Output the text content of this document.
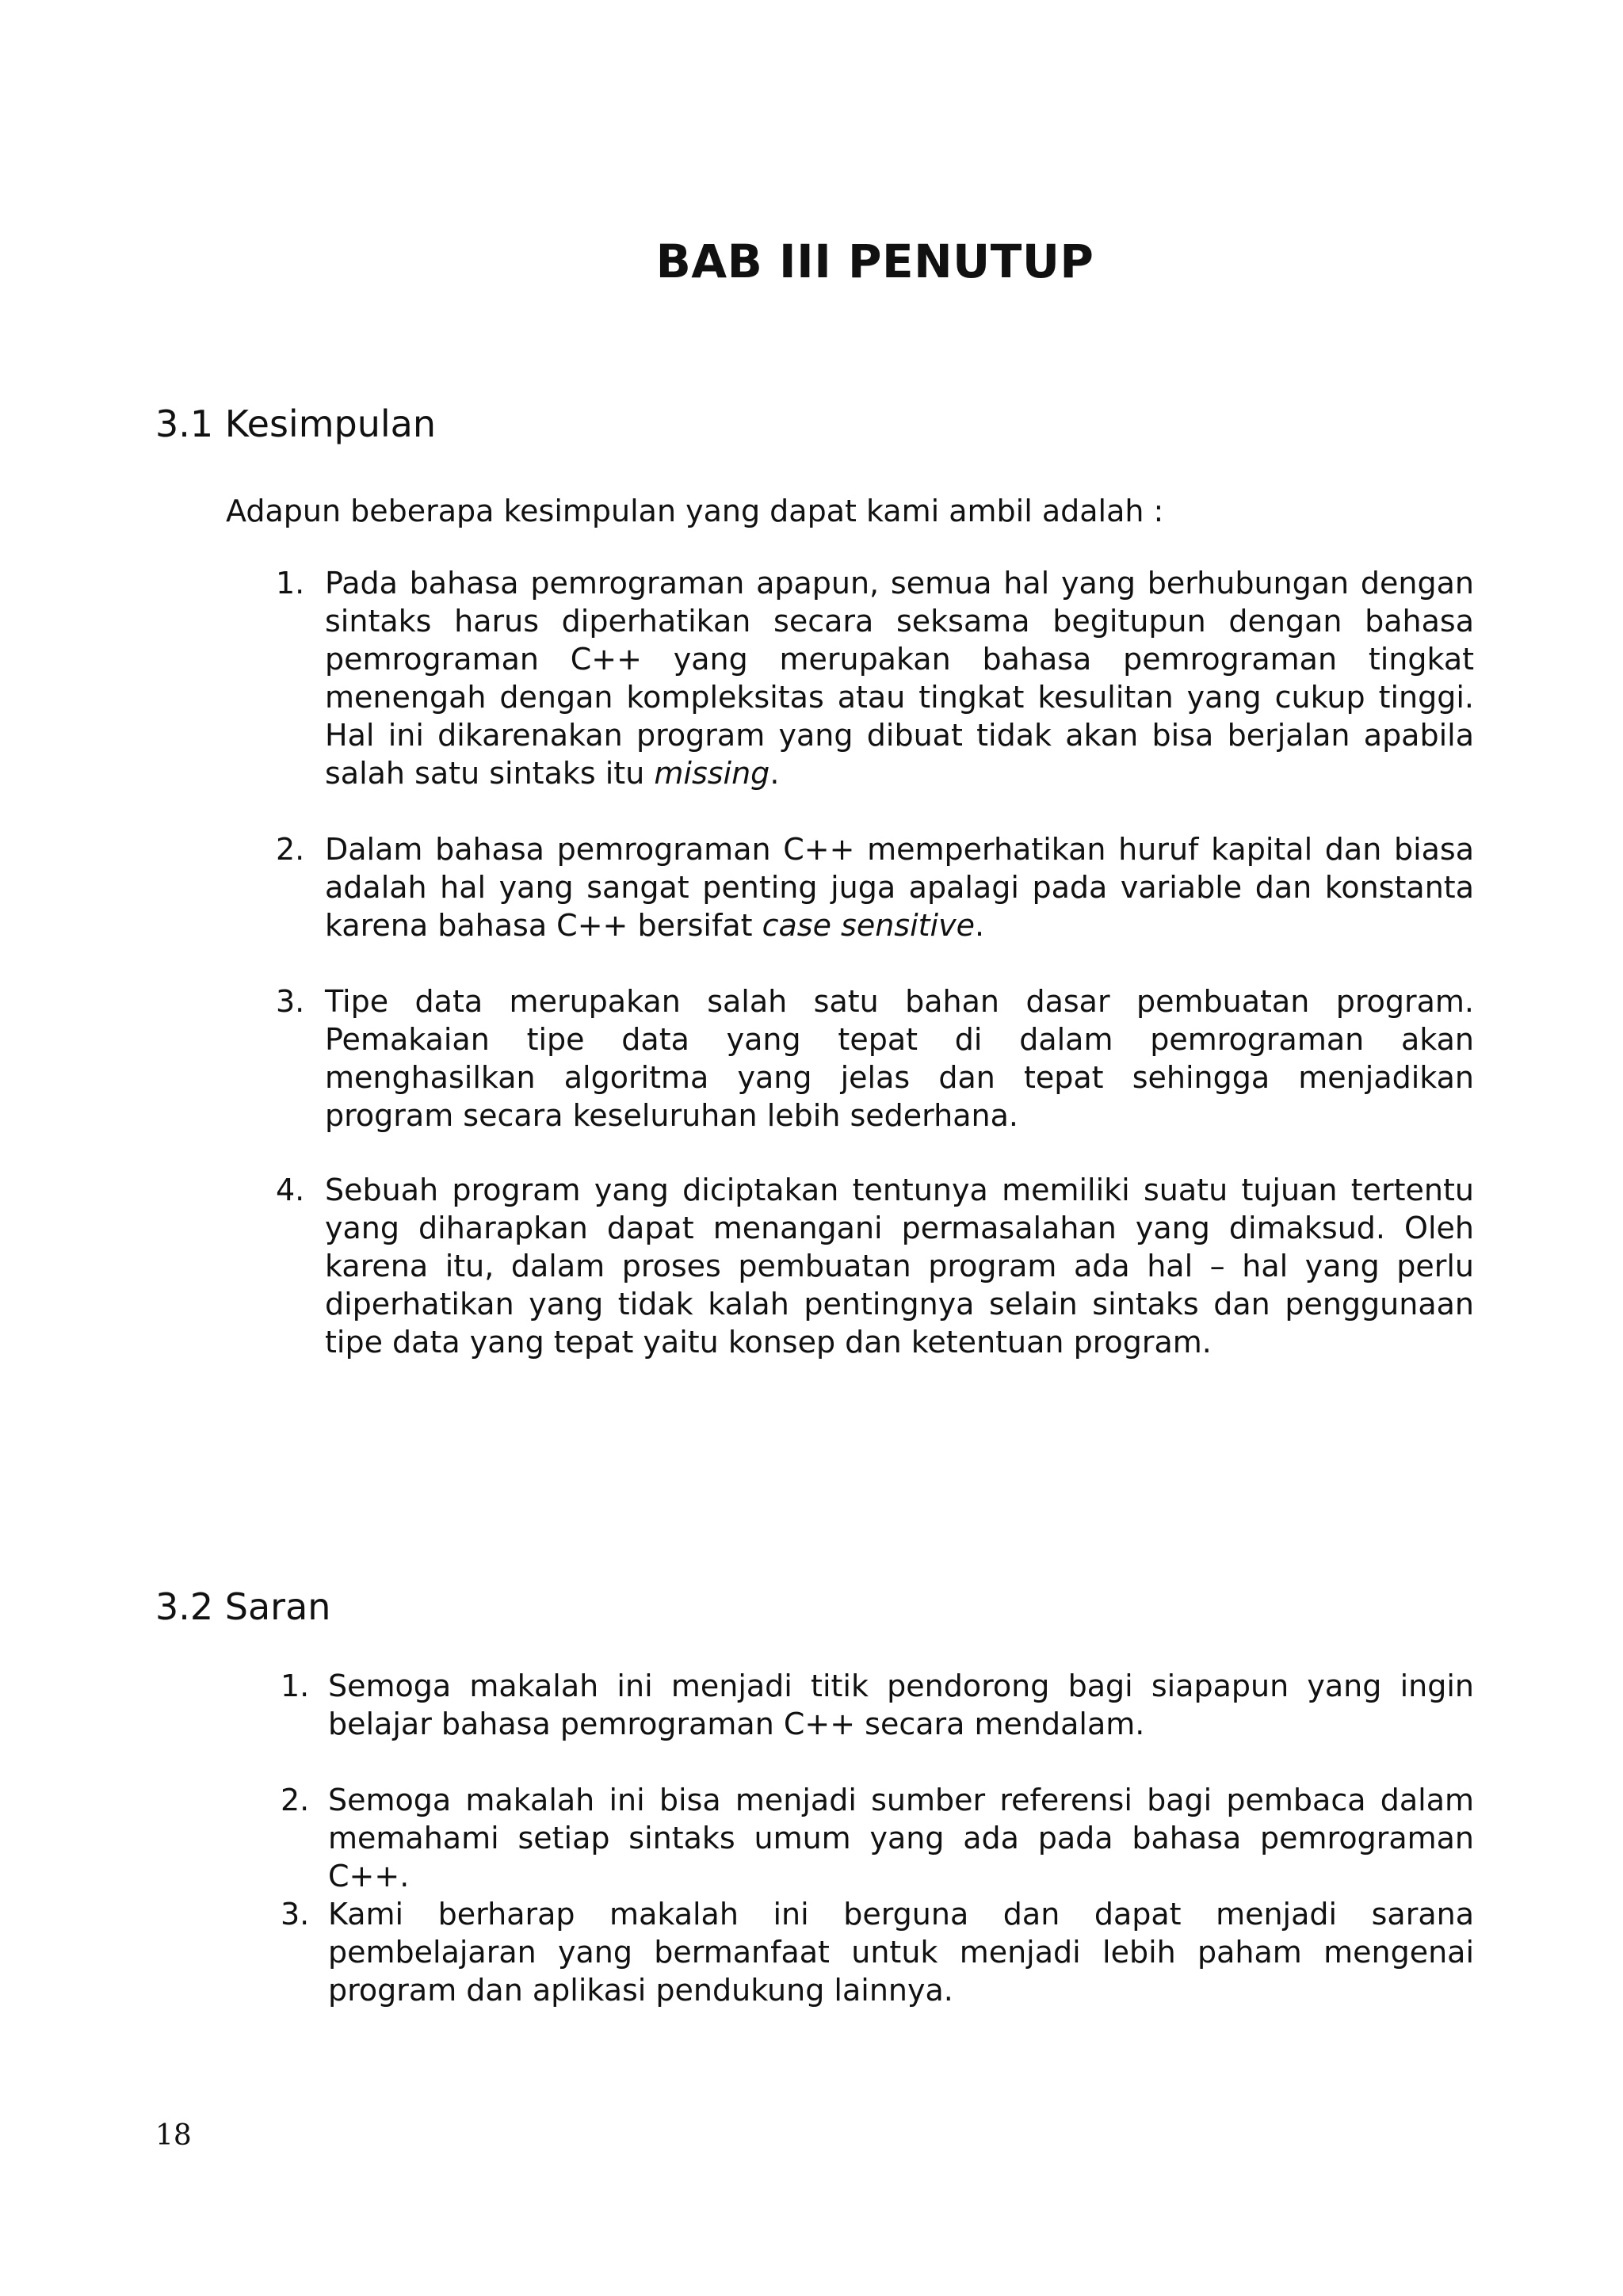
BAB III PENUTUP
3.1 Kesimpulan

Adapun beberapa kesimpulan yang dapat kami ambil adalah :

1. Pada bahasa pemrograman apapun, semua hal yang berhubungan dengan sintaks harus diperhatikan secara seksama begitupun dengan bahasa pemrograman C++ yang merupakan bahasa pemrograman tingkat menengah dengan kompleksitas atau tingkat kesulitan yang cukup tinggi. Hal ini dikarenakan program yang dibuat tidak akan bisa berjalan apabila salah satu sintaks itu missing.
2. Dalam bahasa pemrograman C++ memperhatikan huruf kapital dan biasa adalah hal yang sangat penting juga apalagi pada variable dan konstanta karena bahasa C++ bersifat case sensitive.
3. Tipe data merupakan salah satu bahan dasar pembuatan program. Pemakaian tipe data yang tepat di dalam pemrograman akan menghasilkan algoritma yang jelas dan tepat sehingga menjadikan program secara keseluruhan lebih sederhana.
4. Sebuah program yang diciptakan tentunya memiliki suatu tujuan tertentu yang diharapkan dapat menangani permasalahan yang dimaksud. Oleh karena itu, dalam proses pembuatan program ada hal – hal yang perlu diperhatikan yang tidak kalah pentingnya selain sintaks dan penggunaan tipe data yang tepat yaitu konsep dan ketentuan program.
3.2 Saran
1. Semoga makalah ini menjadi titik pendorong bagi siapapun yang ingin belajar bahasa pemrograman C++ secara mendalam.
2. Semoga makalah ini bisa menjadi sumber referensi bagi pembaca dalam memahami setiap sintaks umum yang ada pada bahasa pemrograman C++.
3. Kami berharap makalah ini berguna dan dapat menjadi sarana pembelajaran yang bermanfaat untuk menjadi lebih paham mengenai program dan aplikasi pendukung lainnya.

18
